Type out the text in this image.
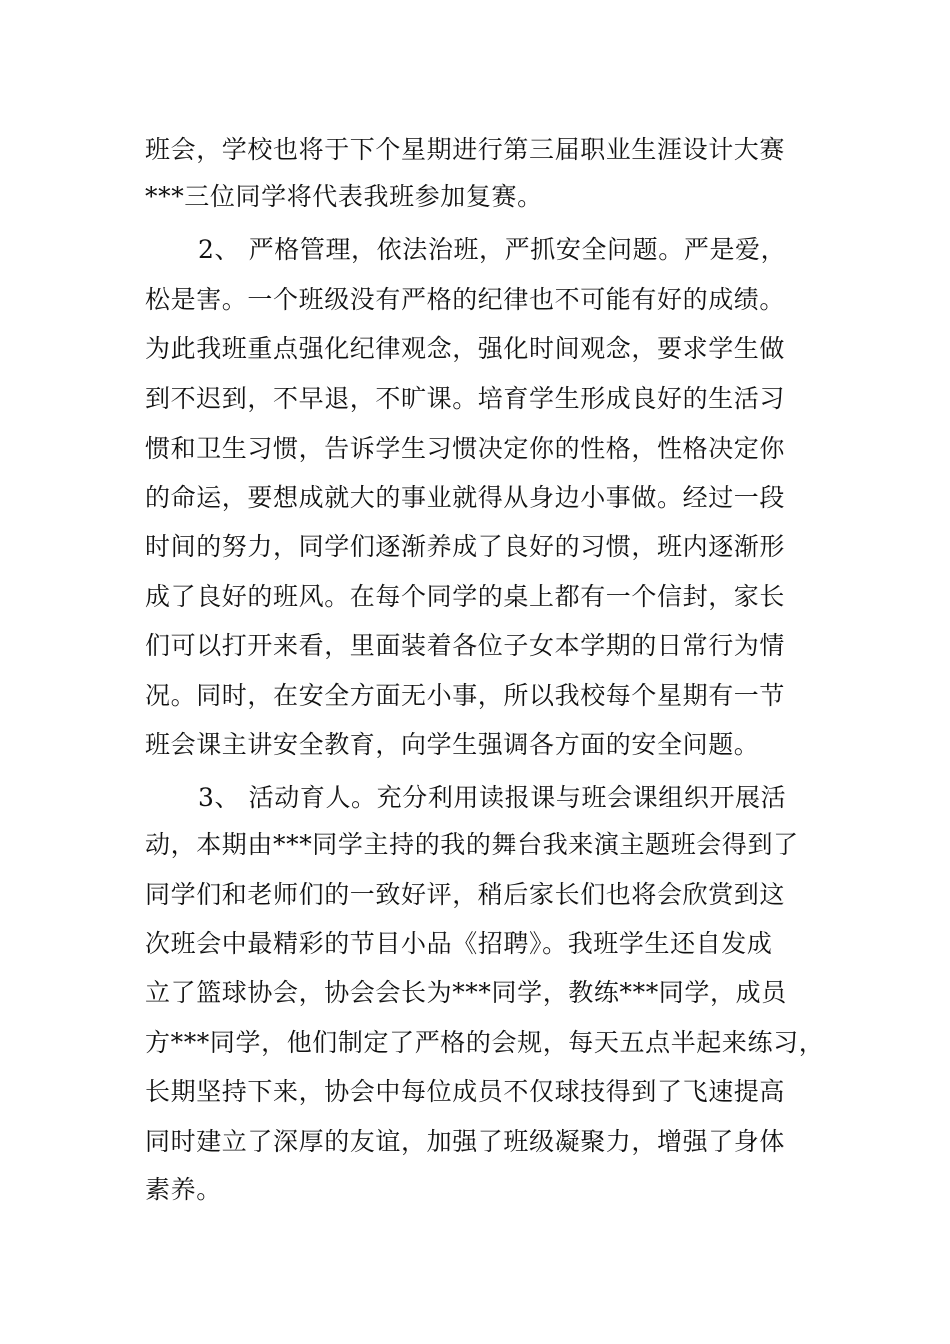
班会，学校也将于下个星期进行第三届职业生涯设计大赛
***三位同学将代表我班参加复赛。
2、 严格管理，依法治班，严抓安全问题。严是爱，
松是害。一个班级没有严格的纪律也不可能有好的成绩。
为此我班重点强化纪律观念，强化时间观念，要求学生做
到不迟到，不早退，不旷课。培育学生形成良好的生活习
惯和卫生习惯，告诉学生习惯决定你的性格，性格决定你
的命运，要想成就大的事业就得从身边小事做。经过一段
时间的努力，同学们逐渐养成了良好的习惯，班内逐渐形
成了良好的班风。在每个同学的桌上都有一个信封，家长
们可以打开来看，里面装着各位子女本学期的日常行为情
况。同时，在安全方面无小事，所以我校每个星期有一节
班会课主讲安全教育，向学生强调各方面的安全问题。
3、 活动育人。充分利用读报课与班会课组织开展活
动，本期由***同学主持的我的舞台我来演主题班会得到了
同学们和老师们的一致好评，稍后家长们也将会欣赏到这
次班会中最精彩的节目小品《招聘》。我班学生还自发成
立了篮球协会，协会会长为***同学，教练***同学，成员
方***同学，他们制定了严格的会规，每天五点半起来练习，
长期坚持下来，协会中每位成员不仅球技得到了飞速提高
同时建立了深厚的友谊，加强了班级凝聚力，增强了身体
素养。
